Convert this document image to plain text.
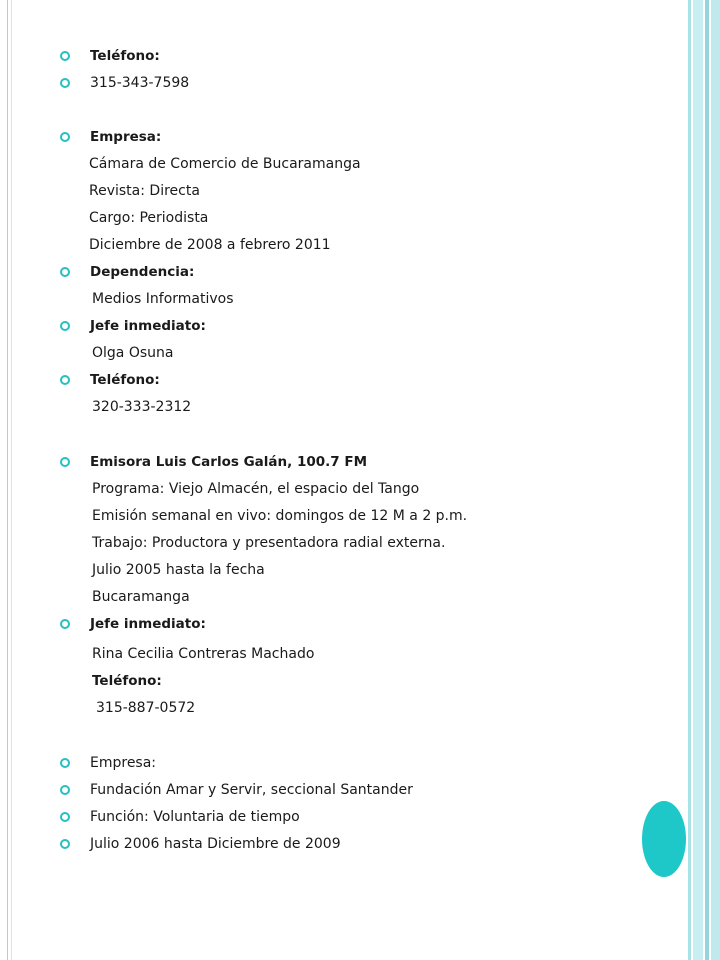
Teléfono:
315-343-7598
Empresa:
Cámara de Comercio de Bucaramanga
Revista: Directa
Cargo: Periodista
Diciembre de 2008 a febrero 2011
Dependencia:
Medios Informativos
Jefe inmediato:
Olga Osuna
Teléfono:
320-333-2312
Emisora Luis Carlos Galán, 100.7 FM
Programa: Viejo Almacén, el espacio del Tango
Emisión semanal en vivo: domingos de 12 M a 2 p.m.
Trabajo: Productora y presentadora radial externa.
Julio 2005 hasta la fecha
Bucaramanga
Jefe inmediato:
Rina Cecilia Contreras Machado
Teléfono:
315-887-0572
Empresa:
Fundación Amar y Servir, seccional Santander
Función: Voluntaria de tiempo
Julio 2006 hasta Diciembre de 2009
